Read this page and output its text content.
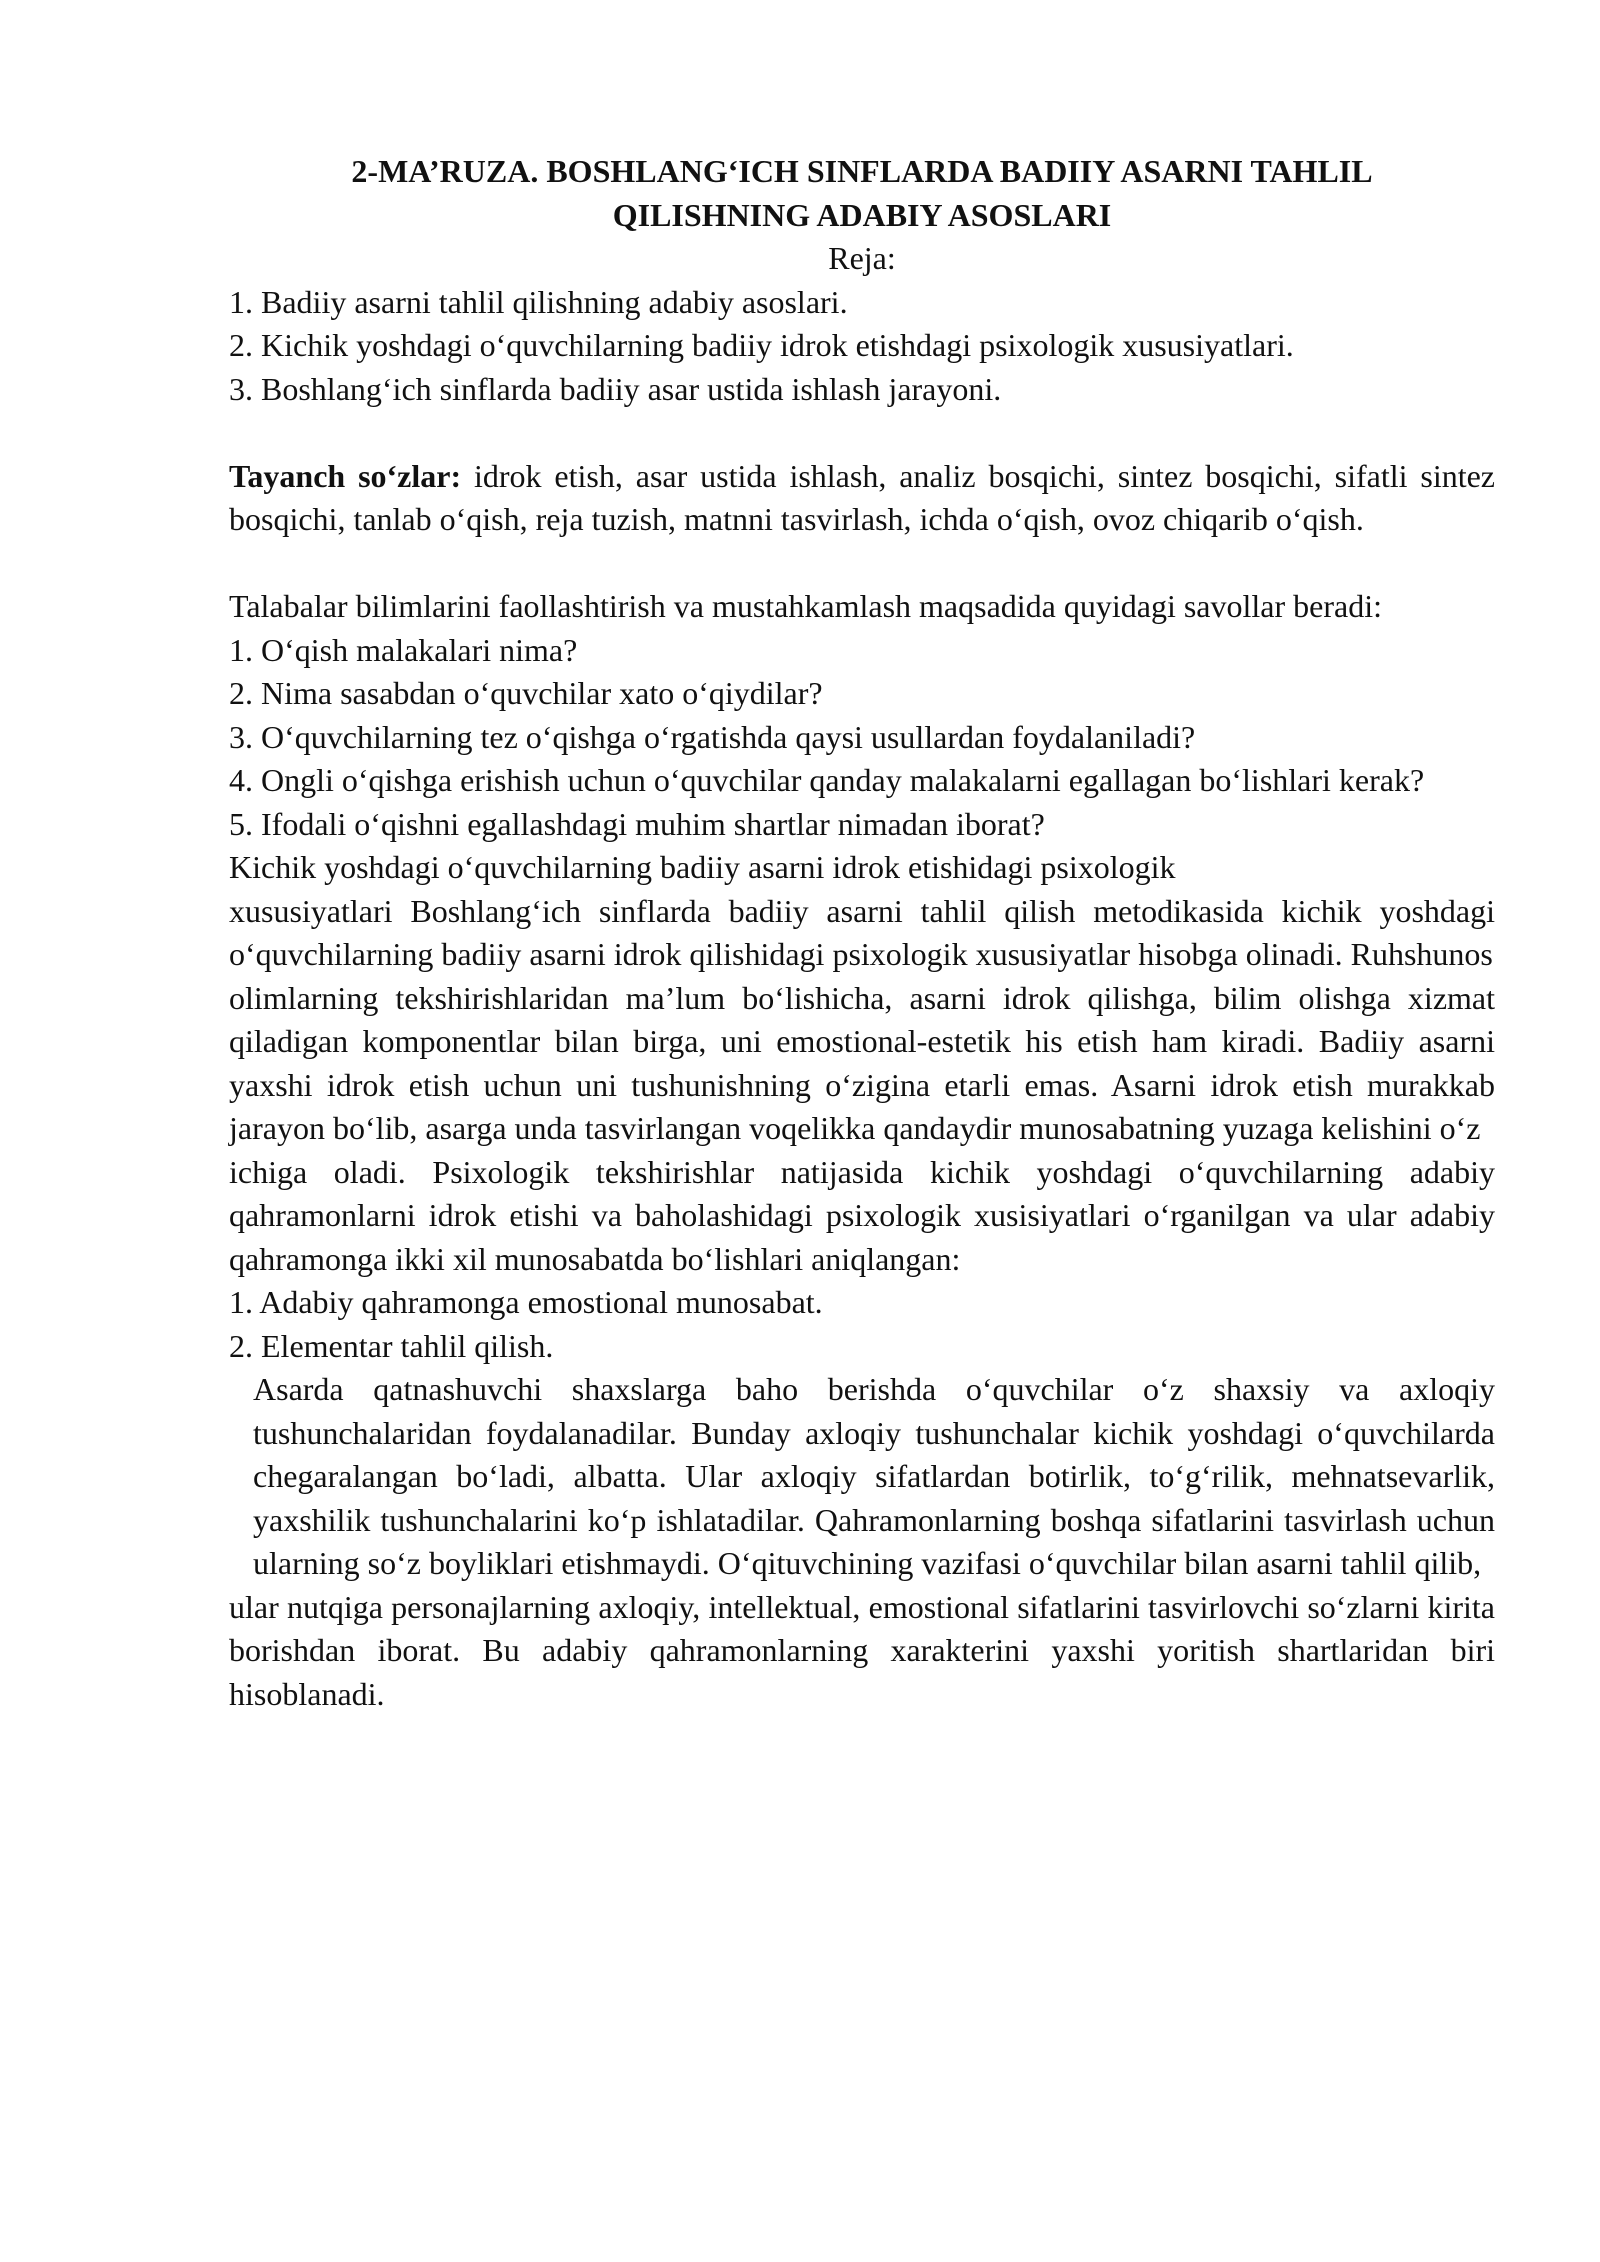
2-MA’RUZA. BOSHLANG‘ICH SINFLARDA BADIIY ASARNI TAHLIL
QILISHNING ADABIY ASOSLARI

Reja:

1. Badiiy asarni tahlil qilishning adabiy asoslari.

2. Kichik yoshdagi o‘quvchilarning badiiy idrok etishdagi psixologik xususiyatlari.

3. Boshlang‘ich sinflarda badiiy asar ustida ishlash jarayoni.

Tayanch so‘zlar: idrok etish, asar ustida ishlash, analiz bosqichi, sintez bosqichi, sifatli sintez bosqichi, tanlab o‘qish, reja tuzish, matnni tasvirlash, ichda o‘qish, ovoz chiqarib o‘qish.

Talabalar bilimlarini faollashtirish va mustahkamlash maqsadida quyidagi savollar beradi:

1. O‘qish malakalari nima?

2. Nima sasabdan o‘quvchilar xato o‘qiydilar?

3. O‘quvchilarning tez o‘qishga o‘rgatishda qaysi usullardan foydalaniladi?

4. Ongli o‘qishga erishish uchun o‘quvchilar qanday malakalarni egallagan bo‘lishlari kerak?

5. Ifodali o‘qishni egallashdagi muhim shartlar nimadan iborat?

Kichik yoshdagi o‘quvchilarning badiiy asarni idrok etishidagi psixologik

xususiyatlari Boshlang‘ich sinflarda badiiy asarni tahlil qilish metodikasida kichik yoshdagi o‘quvchilarning badiiy asarni idrok qilishidagi psixologik xususiyatlar hisobga olinadi. Ruhshunos

olimlarning tekshirishlaridan ma’lum bo‘lishicha, asarni idrok qilishga, bilim olishga xizmat qiladigan komponentlar bilan birga, uni emostional-estetik his etish ham kiradi. Badiiy asarni yaxshi idrok etish uchun uni tushunishning o‘zigina etarli emas. Asarni idrok etish murakkab jarayon bo‘lib, asarga unda tasvirlangan voqelikka qandaydir munosabatning yuzaga kelishini o‘z

ichiga oladi. Psixologik tekshirishlar natijasida kichik yoshdagi o‘quvchilarning adabiy qahramonlarni idrok etishi va baholashidagi psixologik xusisiyatlari o‘rganilgan va ular adabiy qahramonga ikki xil munosabatda bo‘lishlari aniqlangan:

1. Adabiy qahramonga emostional munosabat.

2. Elementar tahlil qilish.

Asarda qatnashuvchi shaxslarga baho berishda o‘quvchilar o‘z shaxsiy va axloqiy tushunchalaridan foydalanadilar. Bunday axloqiy tushunchalar kichik yoshdagi o‘quvchilarda chegaralangan bo‘ladi, albatta. Ular axloqiy sifatlardan botirlik, to‘g‘rilik, mehnatsevarlik, yaxshilik tushunchalarini ko‘p ishlatadilar. Qahramonlarning boshqa sifatlarini tasvirlash uchun ularning so‘z boyliklari etishmaydi. O‘qituvchining vazifasi o‘quvchilar bilan asarni tahlil qilib,

ular nutqiga personajlarning axloqiy, intellektual, emostional sifatlarini tasvirlovchi so‘zlarni kirita borishdan iborat. Bu adabiy qahramonlarning xarakterini yaxshi yoritish shartlaridan biri hisoblanadi.
